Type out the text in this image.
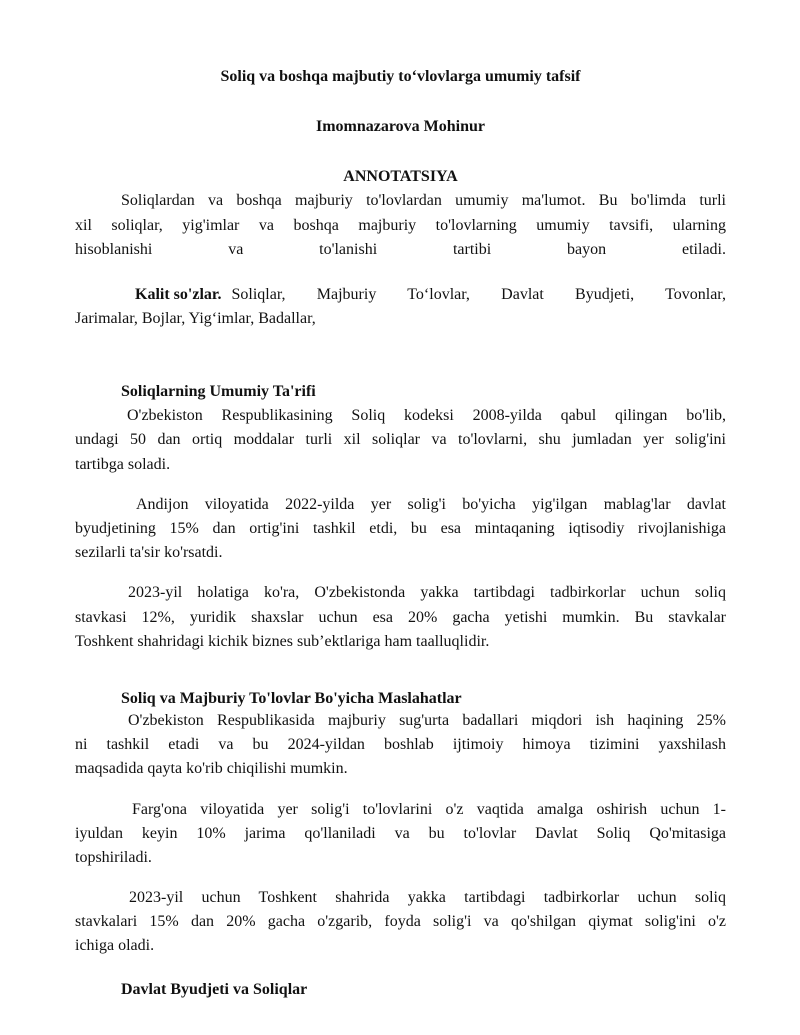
Soliq va boshqa majbutiy to‘vlovlarga umumiy tafsif
Imomnazarova Mohinur
ANNOTATSIYA
Soliqlardan va boshqa majburiy to'lovlardan umumiy ma'lumot. Bu bo'limda turli
xil soliqlar, yig'imlar va boshqa majburiy to'lovlarning umumiy tavsifi, ularning
hisoblanishi va to'lanishi tartibi bayon etiladi.
Kalit so'zlar. Soliqlar, Majburiy To‘lovlar, Davlat Byudjeti, Tovonlar,
Jarimalar, Bojlar, Yig‘imlar, Badallar,
Soliqlarning Umumiy Ta'rifi
O'zbekiston Respublikasining Soliq kodeksi 2008-yilda qabul qilingan bo'lib,
undagi 50 dan ortiq moddalar turli xil soliqlar va to'lovlarni, shu jumladan yer solig'ini
tartibga soladi.
Andijon viloyatida 2022-yilda yer solig'i bo'yicha yig'ilgan mablag'lar davlat
byudjetining 15% dan ortig'ini tashkil etdi, bu esa mintaqaning iqtisodiy rivojlanishiga
sezilarli ta'sir ko'rsatdi.
2023-yil holatiga ko'ra, O'zbekistonda yakka tartibdagi tadbirkorlar uchun soliq
stavkasi 12%, yuridik shaxslar uchun esa 20% gacha yetishi mumkin. Bu stavkalar
Toshkent shahridagi kichik biznes sub’ektlariga ham taalluqlidir.
Soliq va Majburiy To'lovlar Bo'yicha Maslahatlar
O'zbekiston Respublikasida majburiy sug'urta badallari miqdori ish haqining 25%
ni tashkil etadi va bu 2024-yildan boshlab ijtimoiy himoya tizimini yaxshilash
maqsadida qayta ko'rib chiqilishi mumkin.
Farg'ona viloyatida yer solig'i to'lovlarini o'z vaqtida amalga oshirish uchun 1-
iyuldan keyin 10% jarima qo'llaniladi va bu to'lovlar Davlat Soliq Qo'mitasiga
topshiriladi.
2023-yil uchun Toshkent shahrida yakka tartibdagi tadbirkorlar uchun soliq
stavkalari 15% dan 20% gacha o'zgarib, foyda solig'i va qo'shilgan qiymat solig'ini o'z
ichiga oladi.
Davlat Byudjeti va Soliqlar
